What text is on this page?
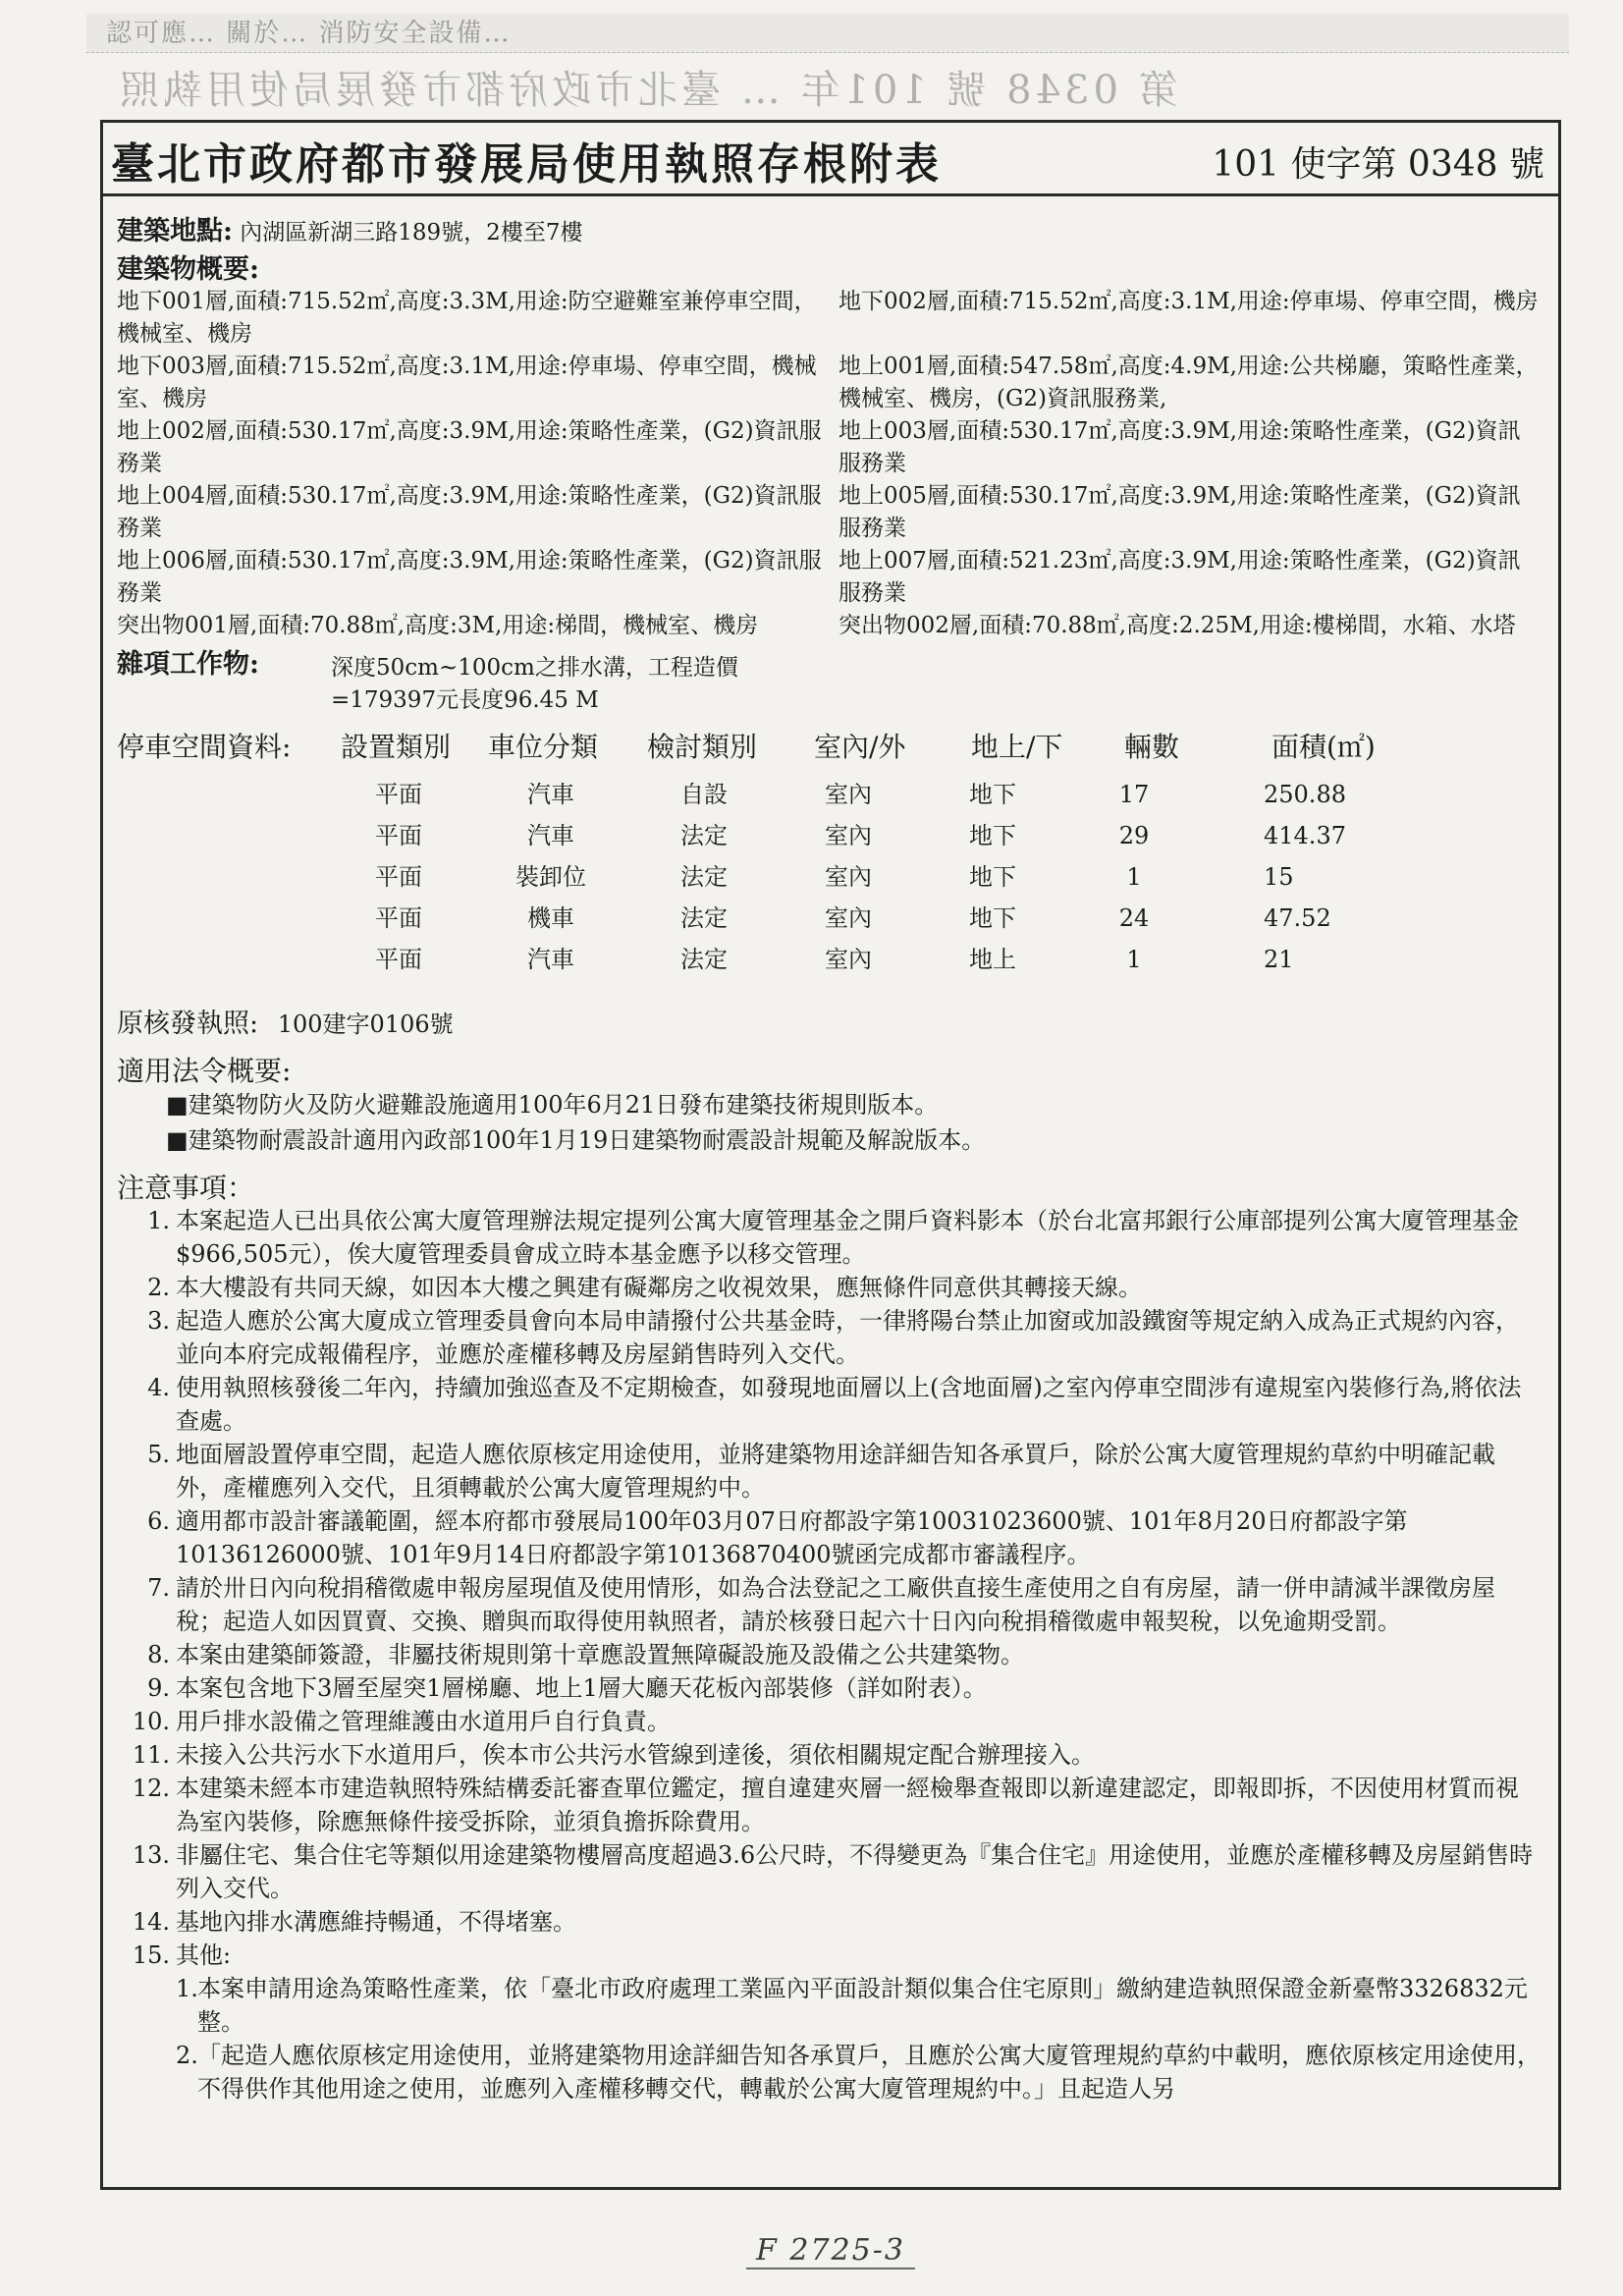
認可應… 關於… 消防安全設備…
第 0348 號 101年 … 臺北市政府都市發展局使用執照
臺北市政府都市發展局使用執照存根附表	101 使字第 0348 號
建築地點: 內湖區新湖三路189號，2樓至7樓
建築物概要:
地下001層,面積:715.52㎡,高度:3.3M,用途:防空避難室兼停車空間，機械室、機房
地下002層,面積:715.52㎡,高度:3.1M,用途:停車場、停車空間，機房
地下003層,面積:715.52㎡,高度:3.1M,用途:停車場、停車空間，機械室、機房
地上001層,面積:547.58㎡,高度:4.9M,用途:公共梯廳，策略性產業，機械室、機房，(G2)資訊服務業,
地上002層,面積:530.17㎡,高度:3.9M,用途:策略性產業，(G2)資訊服務業
地上003層,面積:530.17㎡,高度:3.9M,用途:策略性產業，(G2)資訊服務業
地上004層,面積:530.17㎡,高度:3.9M,用途:策略性產業，(G2)資訊服務業
地上005層,面積:530.17㎡,高度:3.9M,用途:策略性產業，(G2)資訊服務業
地上006層,面積:530.17㎡,高度:3.9M,用途:策略性產業，(G2)資訊服務業
地上007層,面積:521.23㎡,高度:3.9M,用途:策略性產業，(G2)資訊服務業
突出物001層,面積:70.88㎡,高度:3M,用途:梯間，機械室、機房	突出物002層,面積:70.88㎡,高度:2.25M,用途:樓梯間，水箱、水塔
雜項工作物:	深度50cm~100cm之排水溝，工程造價=179397元長度96.45 M
停車空間資料:	設置類別	車位分類	檢討類別	室內/外	地上/下	輛數	面積(㎡)
平面	汽車	自設	室內	地下	17	250.88
平面	汽車	法定	室內	地下	29	414.37
平面	裝卸位	法定	室內	地下	1	15
平面	機車	法定	室內	地下	24	47.52
平面	汽車	法定	室內	地上	1	21
原核發執照: 100建字0106號
適用法令概要:
■建築物防火及防火避難設施適用100年6月21日發布建築技術規則版本。
■建築物耐震設計適用內政部100年1月19日建築物耐震設計規範及解說版本。
注意事項：
1. 本案起造人已出具依公寓大廈管理辦法規定提列公寓大廈管理基金之開戶資料影本（於台北富邦銀行公庫部提列公寓大廈管理基金$966,505元），俟大廈管理委員會成立時本基金應予以移交管理。
2. 本大樓設有共同天線，如因本大樓之興建有礙鄰房之收視效果，應無條件同意供其轉接天線。
3. 起造人應於公寓大廈成立管理委員會向本局申請撥付公共基金時，一律將陽台禁止加窗或加設鐵窗等規定納入成為正式規約內容，並向本府完成報備程序，並應於產權移轉及房屋銷售時列入交代。
4. 使用執照核發後二年內，持續加強巡查及不定期檢查，如發現地面層以上(含地面層)之室內停車空間涉有違規室內裝修行為,將依法查處。
5. 地面層設置停車空間，起造人應依原核定用途使用，並將建築物用途詳細告知各承買戶，除於公寓大廈管理規約草約中明確記載外，產權應列入交代，且須轉載於公寓大廈管理規約中。
6. 適用都市設計審議範圍，經本府都市發展局100年03月07日府都設字第10031023600號、101年8月20日府都設字第10136126000號、101年9月14日府都設字第10136870400號函完成都市審議程序。
7. 請於卅日內向稅捐稽徵處申報房屋現值及使用情形，如為合法登記之工廠供直接生產使用之自有房屋，請一併申請減半課徵房屋稅；起造人如因買賣、交換、贈與而取得使用執照者，請於核發日起六十日內向稅捐稽徵處申報契稅，以免逾期受罰。
8. 本案由建築師簽證，非屬技術規則第十章應設置無障礙設施及設備之公共建築物。
9. 本案包含地下3層至屋突1層梯廳、地上1層大廳天花板內部裝修（詳如附表）。
10. 用戶排水設備之管理維護由水道用戶自行負責。
11. 未接入公共污水下水道用戶，俟本市公共污水管線到達後，須依相關規定配合辦理接入。
12. 本建築未經本市建造執照特殊結構委託審查單位鑑定，擅自違建夾層一經檢舉查報即以新違建認定，即報即拆，不因使用材質而視為室內裝修，除應無條件接受拆除，並須負擔拆除費用。
13. 非屬住宅、集合住宅等類似用途建築物樓層高度超過3.6公尺時，不得變更為『集合住宅』用途使用，並應於產權移轉及房屋銷售時列入交代。
14. 基地內排水溝應維持暢通，不得堵塞。
15. 其他:
1. 本案申請用途為策略性產業，依「臺北市政府處理工業區內平面設計類似集合住宅原則」繳納建造執照保證金新臺幣3326832元整。
2. 「起造人應依原核定用途使用，並將建築物用途詳細告知各承買戶，且應於公寓大廈管理規約草約中載明，應依原核定用途使用，不得供作其他用途之使用，並應列入產權移轉交代，轉載於公寓大廈管理規約中。」且起造人另
F 2725-3
